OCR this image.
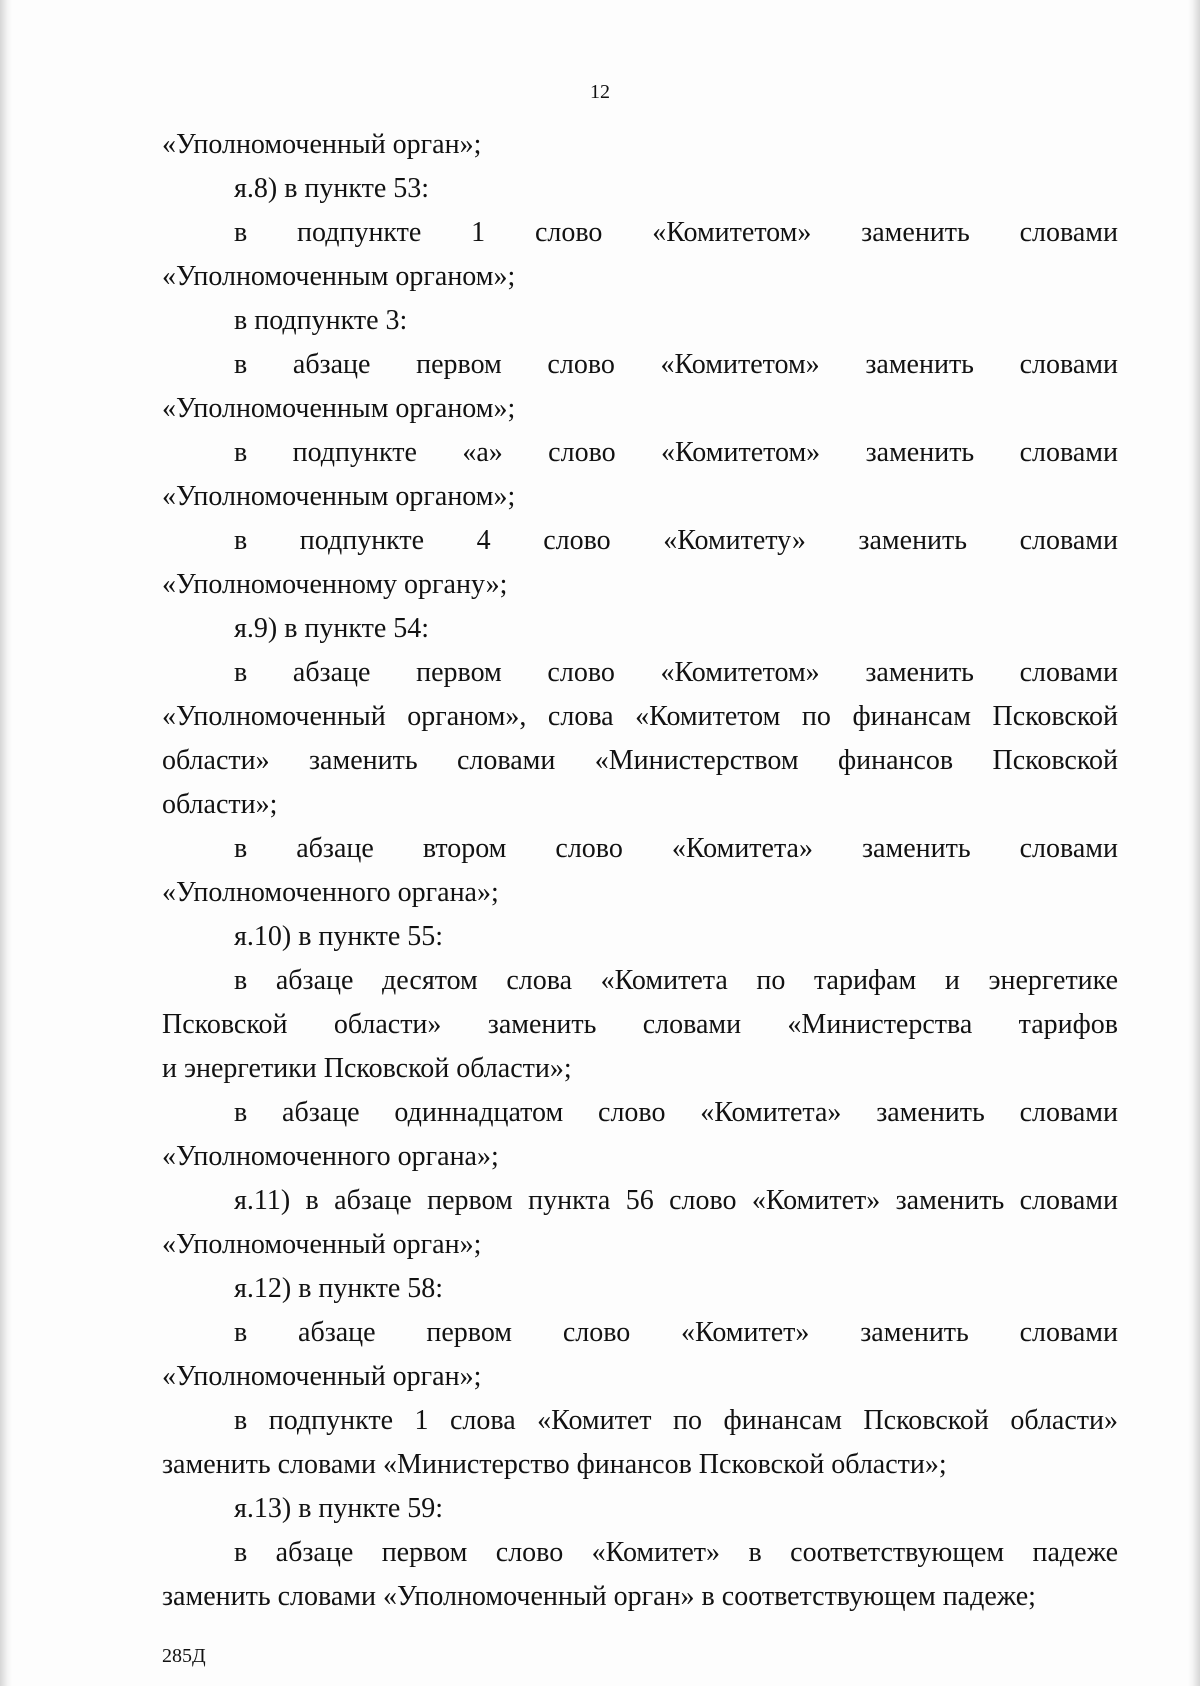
12
«Уполномоченный орган»;
я.8) в пункте 53:
в подпункте 1 слово «Комитетом» заменить словами
«Уполномоченным органом»;
в подпункте 3:
в абзаце первом слово «Комитетом» заменить словами
«Уполномоченным органом»;
в подпункте «а» слово «Комитетом» заменить словами
«Уполномоченным органом»;
в подпункте 4 слово «Комитету» заменить словами
«Уполномоченному органу»;
я.9) в пункте 54:
в абзаце первом слово «Комитетом» заменить словами
«Уполномоченный органом», слова «Комитетом по финансам Псковской
области» заменить словами «Министерством финансов Псковской
области»;
в абзаце втором слово «Комитета» заменить словами
«Уполномоченного органа»;
я.10) в пункте 55:
в абзаце десятом слова «Комитета по тарифам и энергетике
Псковской области» заменить словами «Министерства тарифов
и энергетики Псковской области»;
в абзаце одиннадцатом слово «Комитета» заменить словами
«Уполномоченного органа»;
я.11) в абзаце первом пункта 56 слово «Комитет» заменить словами
«Уполномоченный орган»;
я.12) в пункте 58:
в абзаце первом слово «Комитет» заменить словами
«Уполномоченный орган»;
в подпункте 1 слова «Комитет по финансам Псковской области»
заменить словами «Министерство финансов Псковской области»;
я.13) в пункте 59:
в абзаце первом слово «Комитет» в соответствующем падеже
заменить словами «Уполномоченный орган» в соответствующем падеже;
285Д
